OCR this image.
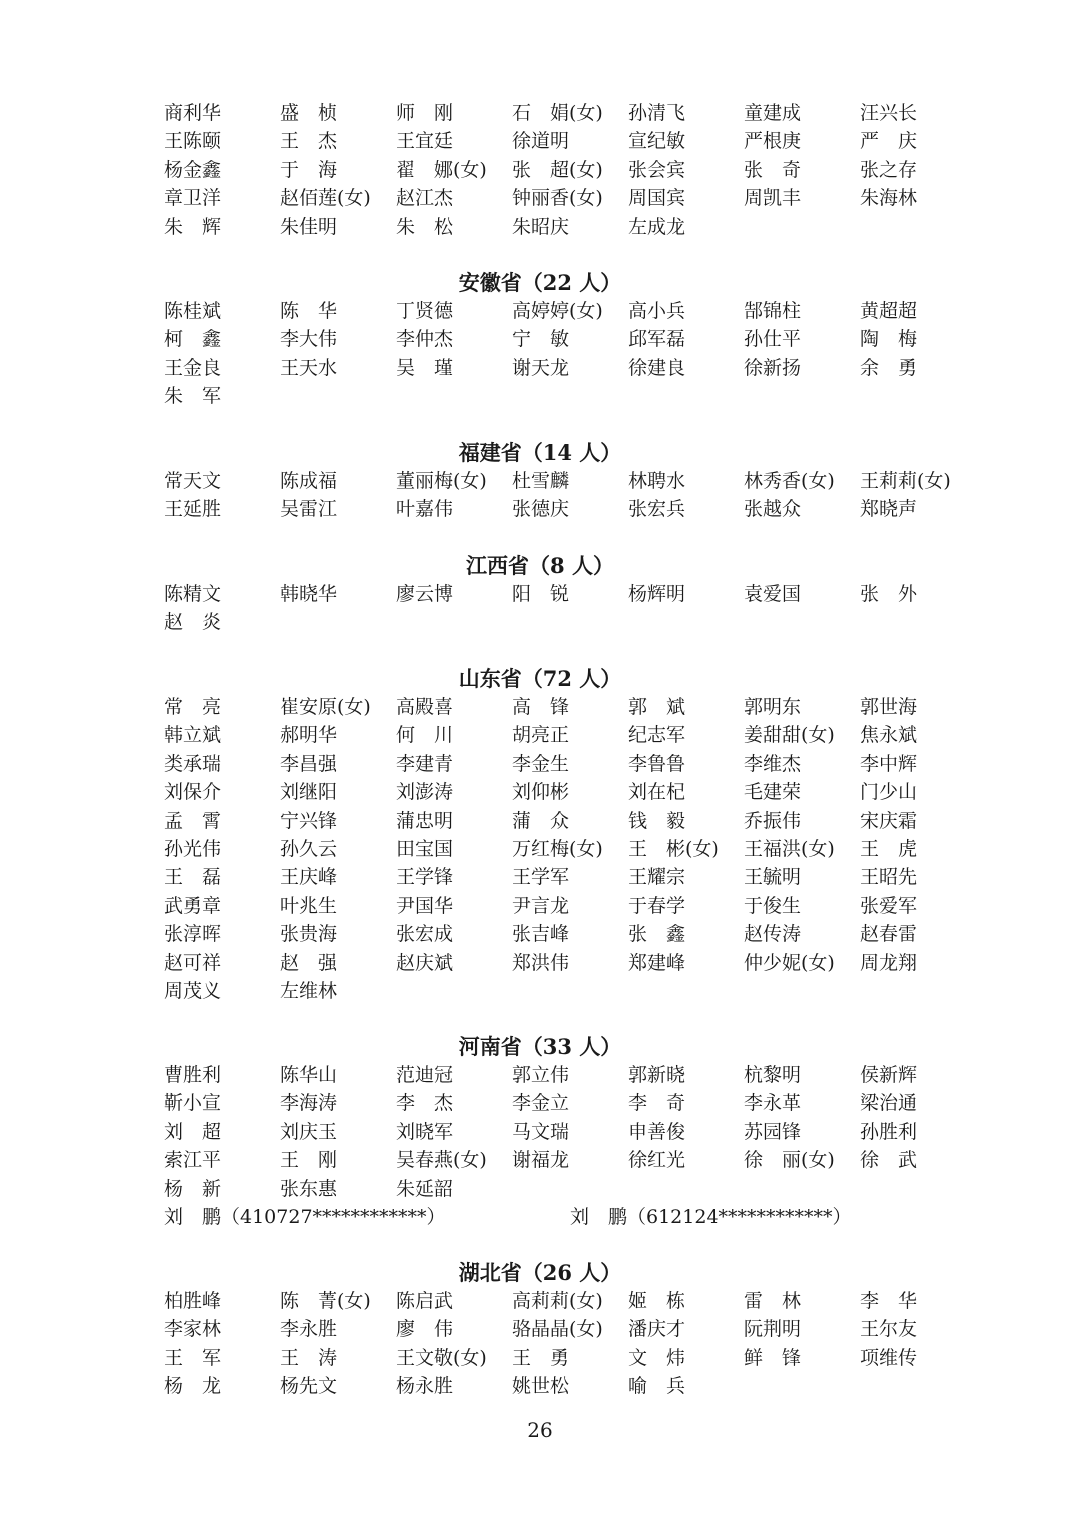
商利华	盛　桢	师　刚	石　娟(女) 孙清飞	童建成	汪兴长
王陈颐	王　杰	王宜廷	徐道明	宣纪敏	严根庚	严　庆
杨金鑫	于　海	翟　娜(女) 张　超(女) 张会宾	张　奇	张之存
章卫洋	赵佰莲(女) 赵江杰	钟丽香(女) 周国宾	周凯丰	朱海林
朱　辉	朱佳明	朱　松	朱昭庆	左成龙
安徽省（22 人）
陈桂斌	陈　华	丁贤德	高婷婷(女) 高小兵	郜锦柱	黄超超
柯　鑫	李大伟	李仲杰	宁　敏	邱军磊	孙仕平	陶　梅
王金良	王天水	吴　瑾	谢天龙	徐建良	徐新扬	余　勇
朱　军
福建省（14 人）
常天文	陈成福	董丽梅(女) 杜雪麟	林聘水	林秀香(女) 王莉莉(女)
王延胜	吴雷江	叶嘉伟	张德庆	张宏兵	张越众	郑晓声
江西省（8 人）
陈精文	韩晓华	廖云博	阳　锐	杨辉明	袁爱国	张　外
赵　炎
山东省（72 人）
常　亮	崔安原(女) 高殿喜	高　锋	郭　斌	郭明东	郭世海
韩立斌	郝明华	何　川	胡亮正	纪志军	姜甜甜(女) 焦永斌
类承瑞	李昌强	李建青	李金生	李鲁鲁	李维杰	李中辉
刘保介	刘继阳	刘澎涛	刘仰彬	刘在杞	毛建荣	门少山
孟　霄	宁兴锋	蒲忠明	蒲　众	钱　毅	乔振伟	宋庆霜
孙光伟	孙久云	田宝国	万红梅(女) 王　彬(女) 王福洪(女) 王　虎
王　磊	王庆峰	王学锋	王学军	王耀宗	王毓明	王昭先
武勇章	叶兆生	尹国华	尹言龙	于春学	于俊生	张爱军
张淳晖	张贵海	张宏成	张吉峰	张　鑫	赵传涛	赵春雷
赵可祥	赵　强	赵庆斌	郑洪伟	郑建峰	仲少妮(女) 周龙翔
周茂义	左维林
河南省（33 人）
曹胜利	陈华山	范迪冠	郭立伟	郭新晓	杭黎明	侯新辉
靳小宣	李海涛	李　杰	李金立	李　奇	李永革	梁治通
刘　超	刘庆玉	刘晓军	马文瑞	申善俊	苏园锋	孙胜利
索江平	王　刚	吴春燕(女) 谢福龙	徐红光	徐　丽(女) 徐　武
杨　新	张东惠	朱延韶
刘　鹏（410727************）	刘　鹏（612124************）
湖北省（26 人）
柏胜峰	陈　菁(女) 陈启武	高莉莉(女) 姬　栋	雷　林	李　华
李家林	李永胜	廖　伟	骆晶晶(女) 潘庆才	阮荆明	王尔友
王　军	王　涛	王文敬(女) 王　勇	文　炜	鲜　锋	项维传
杨　龙	杨先文	杨永胜	姚世松	喻　兵
26
